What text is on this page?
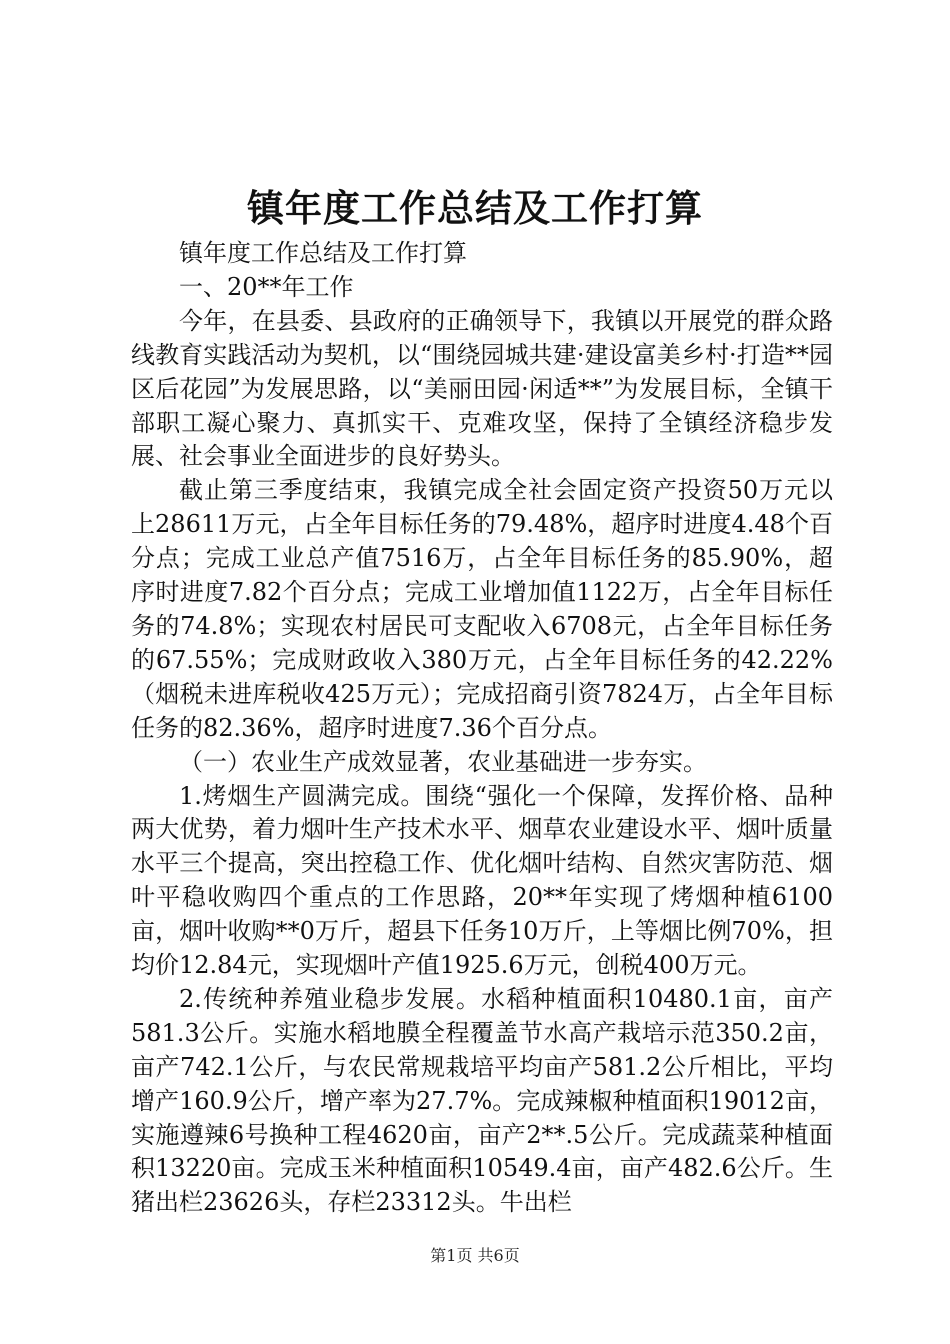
镇年度工作总结及工作打算

镇年度工作总结及工作打算

一、20**年工作

今年，在县委、县政府的正确领导下，我镇以开展党的群众路线教育实践活动为契机，以“围绕园城共建·建设富美乡村·打造**园区后花园”为发展思路，以“美丽田园·闲适**”为发展目标，全镇干部职工凝心聚力、真抓实干、克难攻坚，保持了全镇经济稳步发展、社会事业全面进步的良好势头。

截止第三季度结束，我镇完成全社会固定资产投资50万元以上28611万元，占全年目标任务的79.48%，超序时进度4.48个百分点；完成工业总产值7516万，占全年目标任务的85.90%，超序时进度7.82个百分点；完成工业增加值1122万，占全年目标任务的74.8%；实现农村居民可支配收入6708元，占全年目标任务的67.55%；完成财政收入380万元，占全年目标任务的42.22%（烟税未进库税收425万元）；完成招商引资7824万，占全年目标任务的82.36%，超序时进度7.36个百分点。

（一）农业生产成效显著，农业基础进一步夯实。

1.烤烟生产圆满完成。围绕“强化一个保障，发挥价格、品种两大优势，着力烟叶生产技术水平、烟草农业建设水平、烟叶质量水平三个提高，突出控稳工作、优化烟叶结构、自然灾害防范、烟叶平稳收购四个重点的工作思路，20**年实现了烤烟种植6100亩，烟叶收购**0万斤，超县下任务10万斤，上等烟比例70%，担均价12.84元，实现烟叶产值1925.6万元，创税400万元。

2.传统种养殖业稳步发展。水稻种植面积10480.1亩，亩产581.3公斤。实施水稻地膜全程覆盖节水高产栽培示范350.2亩，亩产742.1公斤，与农民常规栽培平均亩产581.2公斤相比，平均增产160.9公斤，增产率为27.7%。完成辣椒种植面积19012亩，实施遵辣6号换种工程4620亩，亩产2**.5公斤。完成蔬菜种植面积13220亩。完成玉米种植面积10549.4亩，亩产482.6公斤。生猪出栏23626头，存栏23312头。牛出栏

第1页 共6页
